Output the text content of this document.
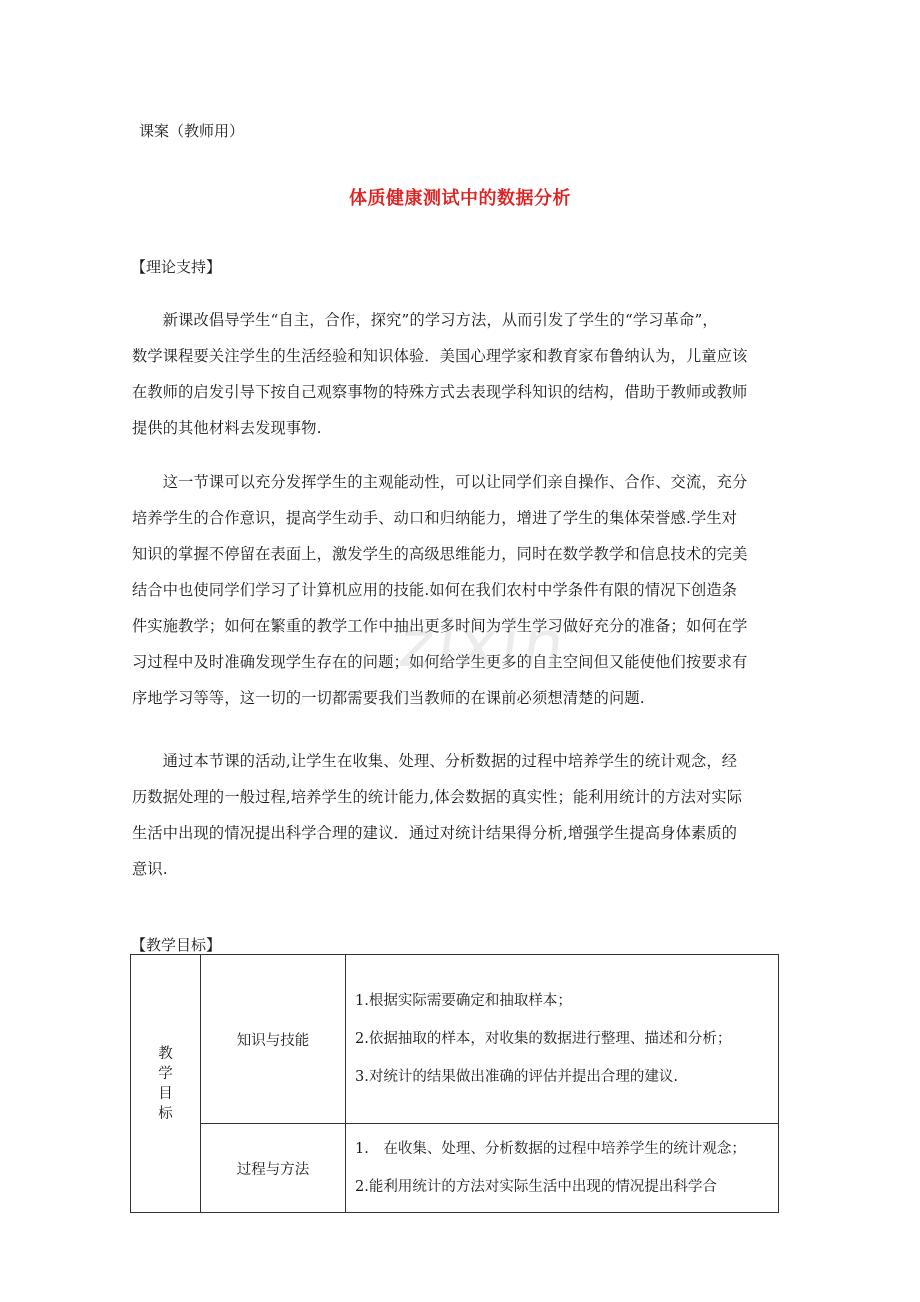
课案（教师用）
体质健康测试中的数据分析
【理论支持】
　　新课改倡导学生“自主，合作，探究”的学习方法，从而引发了学生的“学习革命”，
数学课程要关注学生的生活经验和知识体验．美国心理学家和教育家布鲁纳认为，儿童应该
在教师的启发引导下按自己观察事物的特殊方式去表现学科知识的结构，借助于教师或教师
提供的其他材料去发现事物.
　　这一节课可以充分发挥学生的主观能动性，可以让同学们亲自操作、合作、交流，充分
培养学生的合作意识，提高学生动手、动口和归纳能力，增进了学生的集体荣誉感.学生对
知识的掌握不停留在表面上，激发学生的高级思维能力，同时在数学教学和信息技术的完美
结合中也使同学们学习了计算机应用的技能.如何在我们农村中学条件有限的情况下创造条
件实施教学；如何在繁重的教学工作中抽出更多时间为学生学习做好充分的准备；如何在学
习过程中及时准确发现学生存在的问题；如何给学生更多的自主空间但又能使他们按要求有
序地学习等等，这一切的一切都需要我们当教师的在课前必须想清楚的问题.
　　通过本节课的活动,让学生在收集、处理、分析数据的过程中培养学生的统计观念，经
历数据处理的一般过程,培养学生的统计能力,体会数据的真实性；能利用统计的方法对实际
生活中出现的情况提出科学合理的建议．通过对统计结果得分析,增强学生提高身体素质的
意识.
zixin
【教学目标】
教
学
目
标	知识与技能	1.根据实际需要确定和抽取样本；
2.依据抽取的样本，对收集的数据进行整理、描述和分析；
3.对统计的结果做出准确的评估并提出合理的建议.

	过程与方法	1.　在收集、处理、分析数据的过程中培养学生的统计观念；
2.能利用统计的方法对实际生活中出现的情况提出科学合
